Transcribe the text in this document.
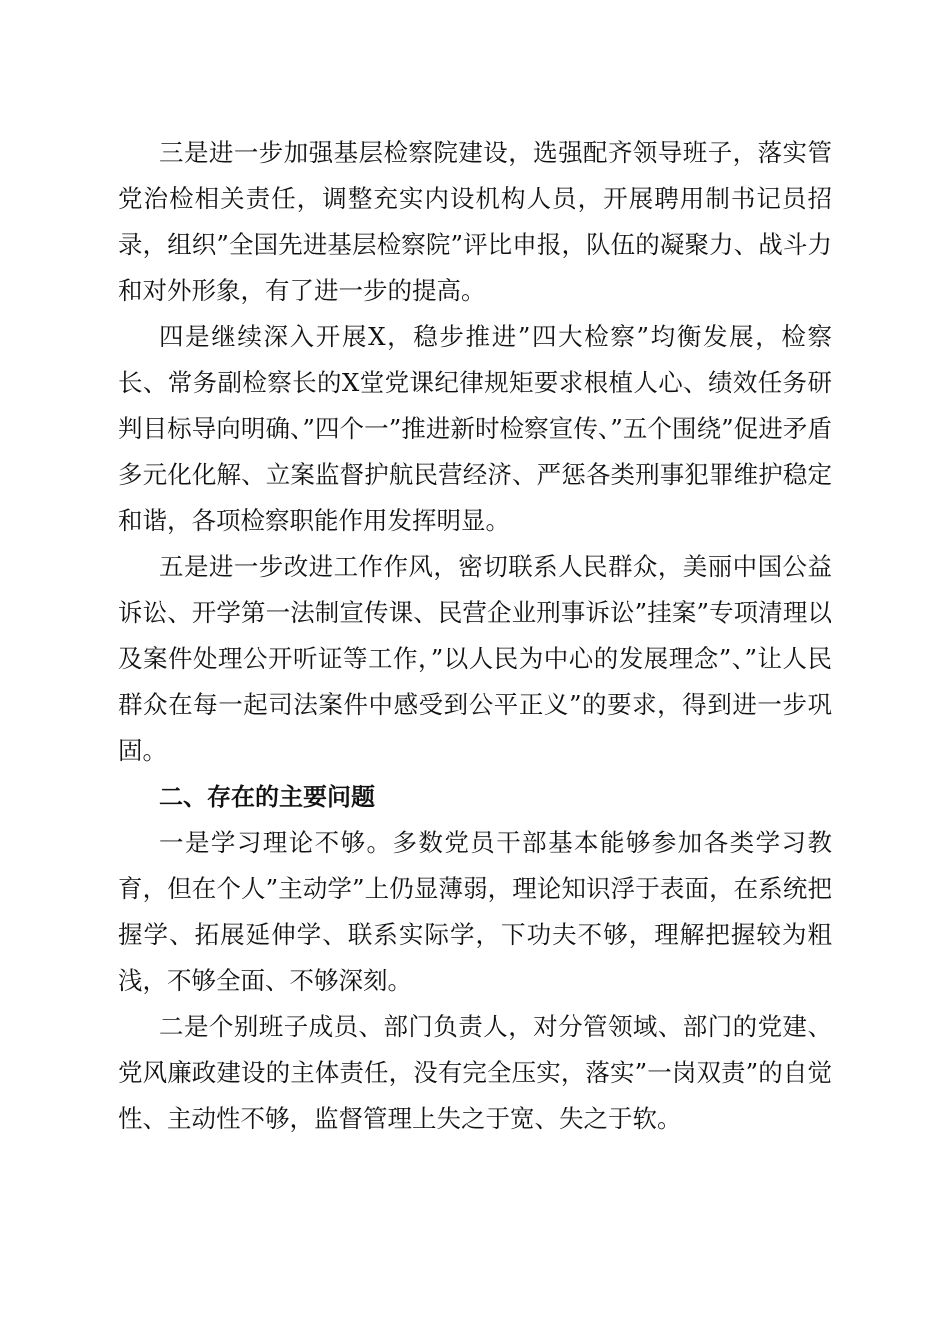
三是进一步加强基层检察院建设，选强配齐领导班子，落实管党治检相关责任，调整充实内设机构人员，开展聘用制书记员招录，组织”全国先进基层检察院”评比申报，队伍的凝聚力、战斗力和对外形象，有了进一步的提高。

四是继续深入开展X，稳步推进”四大检察”均衡发展，检察长、常务副检察长的X堂党课纪律规矩要求根植人心、绩效任务研判目标导向明确、”四个一”推进新时检察宣传、”五个围绕”促进矛盾多元化化解、立案监督护航民营经济、严惩各类刑事犯罪维护稳定和谐，各项检察职能作用发挥明显。

五是进一步改进工作作风，密切联系人民群众，美丽中国公益诉讼、开学第一法制宣传课、民营企业刑事诉讼”挂案”专项清理以及案件处理公开听证等工作，”以人民为中心的发展理念”、”让人民群众在每一起司法案件中感受到公平正义”的要求，得到进一步巩固。

二、存在的主要问题

一是学习理论不够。多数党员干部基本能够参加各类学习教育，但在个人”主动学”上仍显薄弱，理论知识浮于表面，在系统把握学、拓展延伸学、联系实际学，下功夫不够，理解把握较为粗浅，不够全面、不够深刻。

二是个别班子成员、部门负责人，对分管领域、部门的党建、党风廉政建设的主体责任，没有完全压实，落实”一岗双责”的自觉性、主动性不够，监督管理上失之于宽、失之于软。
